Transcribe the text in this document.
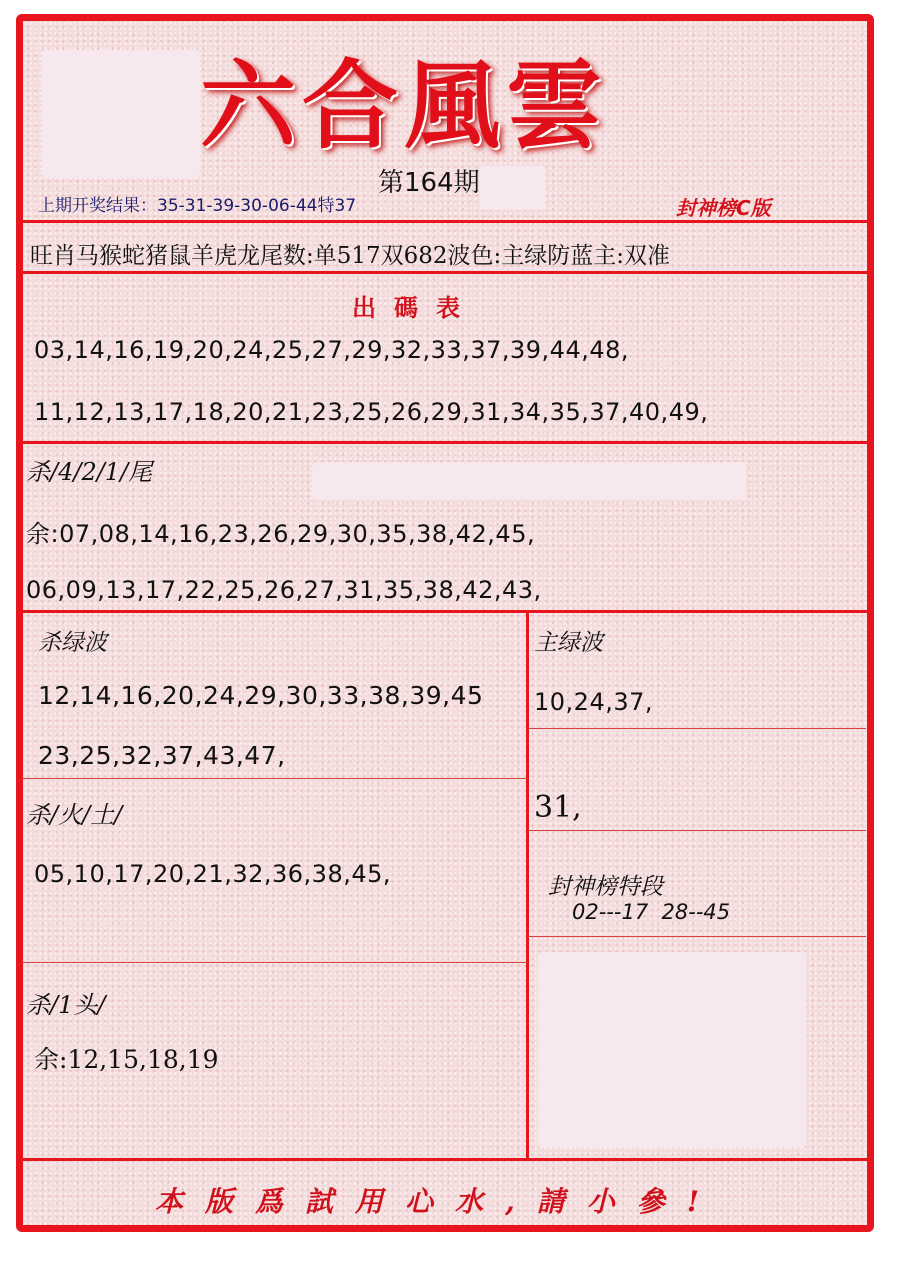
六合風雲
第164期
上期开奖结果：35-31-39-30-06-44特37	封神榜C版
旺肖马猴蛇猪鼠羊虎龙尾数:单517双682波色:主绿防蓝主:双准
出碼表
03,14,16,19,20,24,25,27,29,32,33,37,39,44,48,
11,12,13,17,18,20,21,23,25,26,29,31,34,35,37,40,49,
杀/4/2/1/尾
余:07,08,14,16,23,26,29,30,35,38,42,45,
06,09,13,17,22,25,26,27,31,35,38,42,43,
杀绿波
12,14,16,20,24,29,30,33,38,39,45
23,25,32,37,43,47,
主绿波
10,24,37,
31,
杀/火/土/
05,10,17,20,21,32,36,38,45,	封神榜特段
02---17  28--45
杀/1头/
余:12,15,18,19
本版爲試用心水,請小參!
